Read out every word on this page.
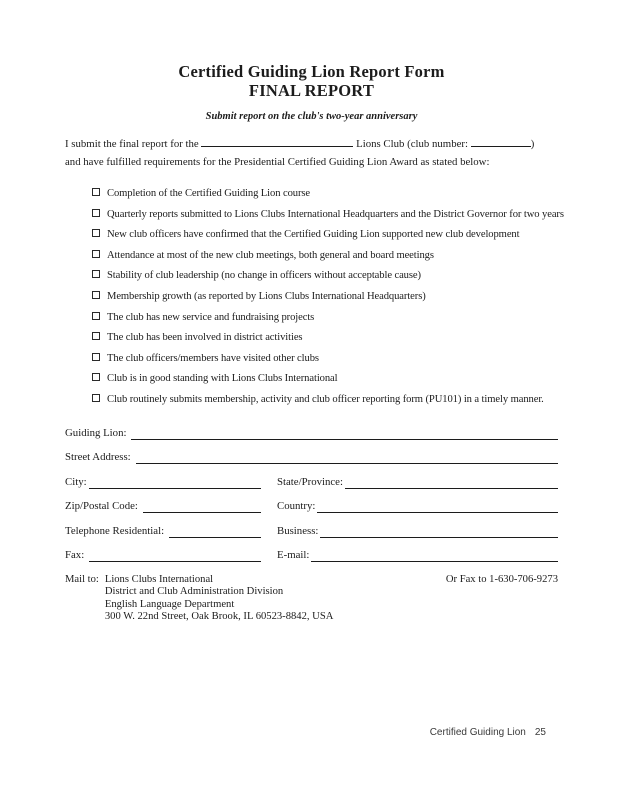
Certified Guiding Lion Report Form
FINAL REPORT
Submit report on the club's two-year anniversary

I submit the final report for the	Lions Club (club number:	)

and have fulfilled requirements for the Presidential Certified Guiding Lion Award as stated below:

Completion of the Certified Guiding Lion course
Quarterly reports submitted to Lions Clubs International Headquarters and the District Governor for two years
New club officers have confirmed that the Certified Guiding Lion supported new club development
Attendance at most of the new club meetings, both general and board meetings
Stability of club leadership (no change in officers without acceptable cause)
Membership growth (as reported by Lions Clubs International Headquarters)
The club has new service and fundraising projects
The club has been involved in district activities
The club officers/members have visited other clubs
Club is in good standing with Lions Clubs International
Club routinely submits membership, activity and club officer reporting form (PU101) in a timely manner.
Guiding Lion:
Street Address:
City:	State/Province:
Zip/Postal Code:	Country:
Telephone Residential:	Business:
Fax:	E-mail:
Mail to: Lions Clubs International
District and Club Administration Division
English Language Department
300 W. 22nd Street, Oak Brook, IL 60523-8842, USA
Or Fax to 1-630-706-9273
Certified Guiding Lion 25
